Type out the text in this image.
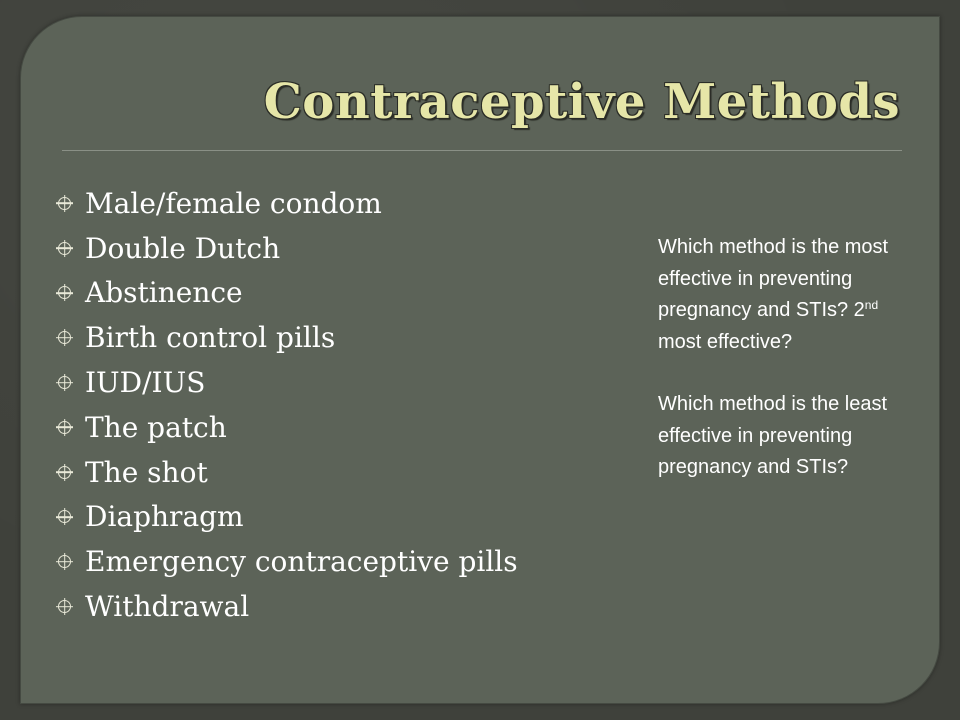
Contraceptive Methods
Male/female condom
Double Dutch
Abstinence
Birth control pills
IUD/IUS
The patch
The shot
Diaphragm
Emergency contraceptive pills
Withdrawal

Which method is the most effective in preventing pregnancy and STIs? 2nd most effective?

Which method is the least effective in preventing pregnancy and STIs?
